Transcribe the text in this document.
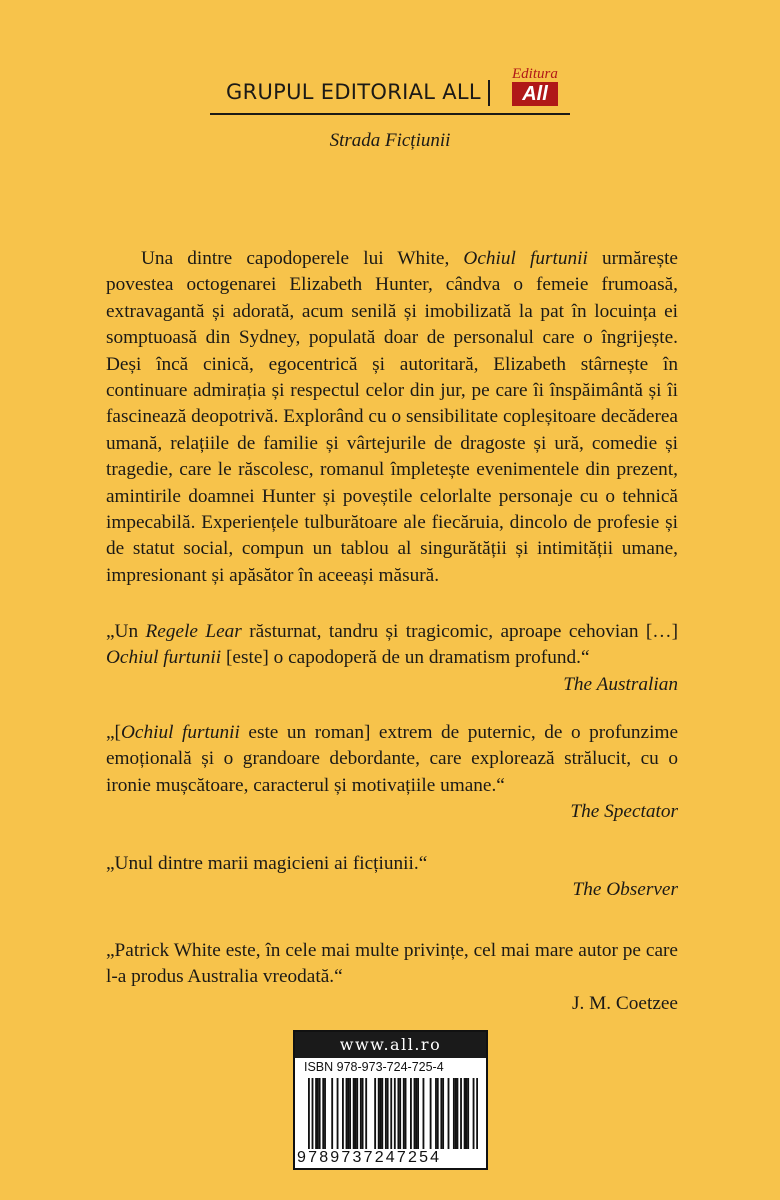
GRUPUL EDITORIAL ALL
Editura
All
Strada Ficțiunii

Una dintre capodoperele lui White, Ochiul furtunii urmărește povestea octogenarei Elizabeth Hunter, cândva o femeie frumoasă, extravagantă și adorată, acum senilă și imobilizată la pat în locuința ei somptuoasă din Sydney, populată doar de personalul care o îngrijește. Deși încă cinică, egocentrică și autoritară, Elizabeth stârnește în continuare admirația și respectul celor din jur, pe care îi înspăimântă și îi fascinează deopotrivă. Explorând cu o sensibilitate copleșitoare decăderea umană, relațiile de familie și vârtejurile de dragoste și ură, comedie și tragedie, care le răscolesc, romanul împletește evenimentele din prezent, amintirile doamnei Hunter și poveștile celorlalte personaje cu o tehnică impecabilă. Experiențele tulburătoare ale fiecăruia, dincolo de profesie și de statut social, compun un tablou al singurătății și intimității umane, impresionant și apăsător în aceeași măsură.

„Un Regele Lear răsturnat, tandru și tragicomic, aproape cehovian […] Ochiul furtunii [este] o capodoperă de un dramatism profund.“
The Australian
„[Ochiul furtunii este un roman] extrem de puternic, de o profunzime emoțională și o grandoare debordante, care explorează strălucit, cu o ironie mușcătoare, caracterul și motivațiile umane.“
The Spectator
„Unul dintre marii magicieni ai ficțiunii.“
The Observer
„Patrick White este, în cele mai multe privințe, cel mai mare autor pe care l-a produs Australia vreodată.“
J. M. Coetzee
www.all.ro
ISBN 978-973-724-725-4
9789737247254
